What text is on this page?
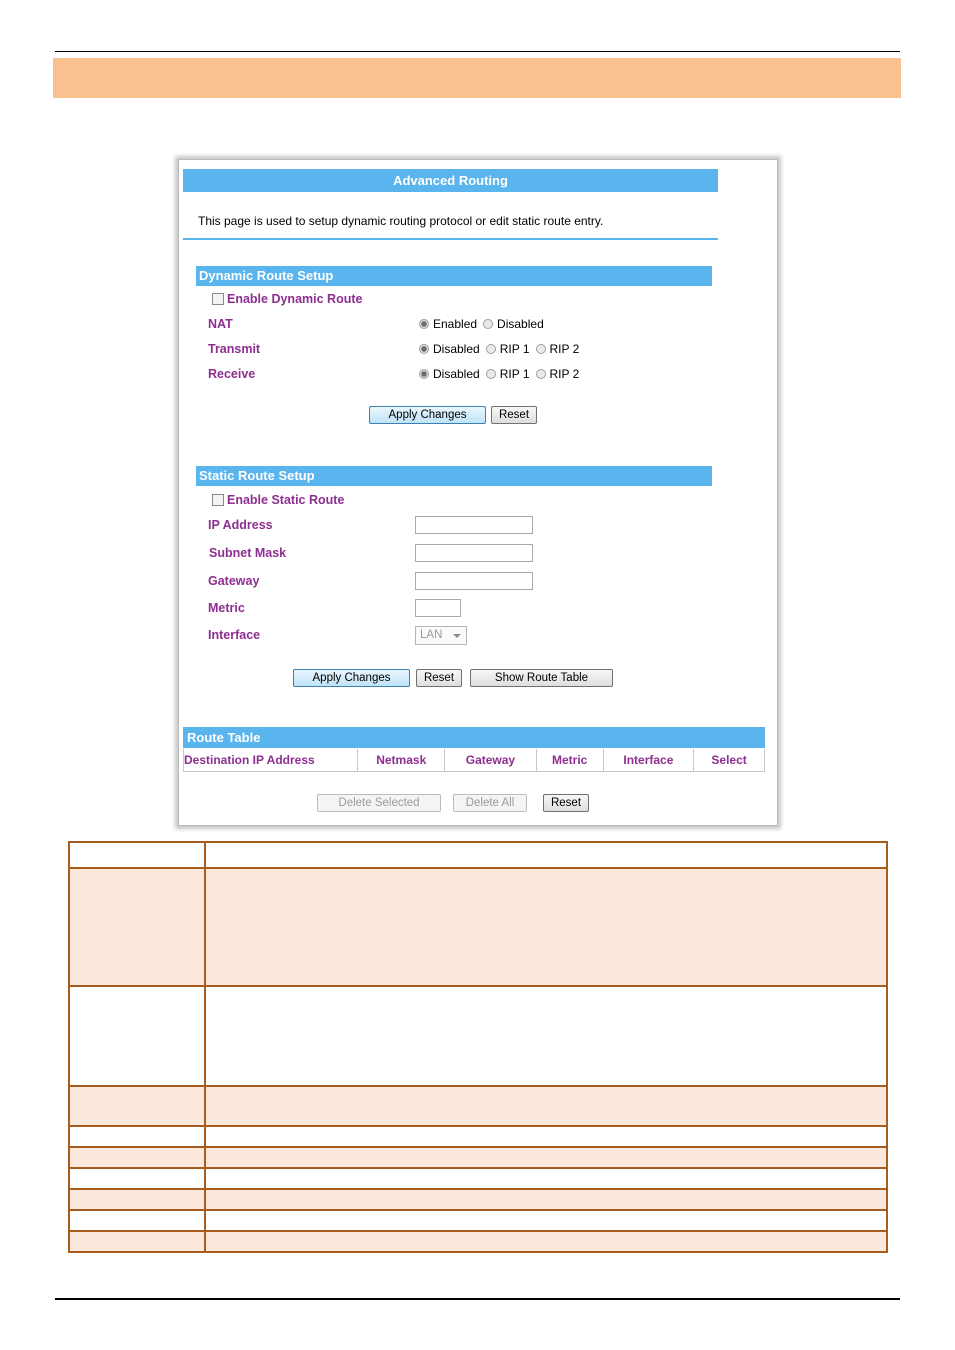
Advanced Routing
This page is used to setup dynamic routing protocol or edit static route entry.
Dynamic Route Setup
Enable Dynamic Route
NAT	Enabled Disabled
Transmit	Disabled RIP 1 RIP 2
Receive	Disabled RIP 1 RIP 2
Apply Changes	Reset
Static Route Setup
Enable Static Route
IP Address
Subnet Mask
Gateway
Metric
Interface	LAN
Apply Changes	Reset	Show Route Table
Route Table
Destination IP Address	Netmask	Gateway	Metric	Interface	Select
Delete Selected	Delete All	Reset
